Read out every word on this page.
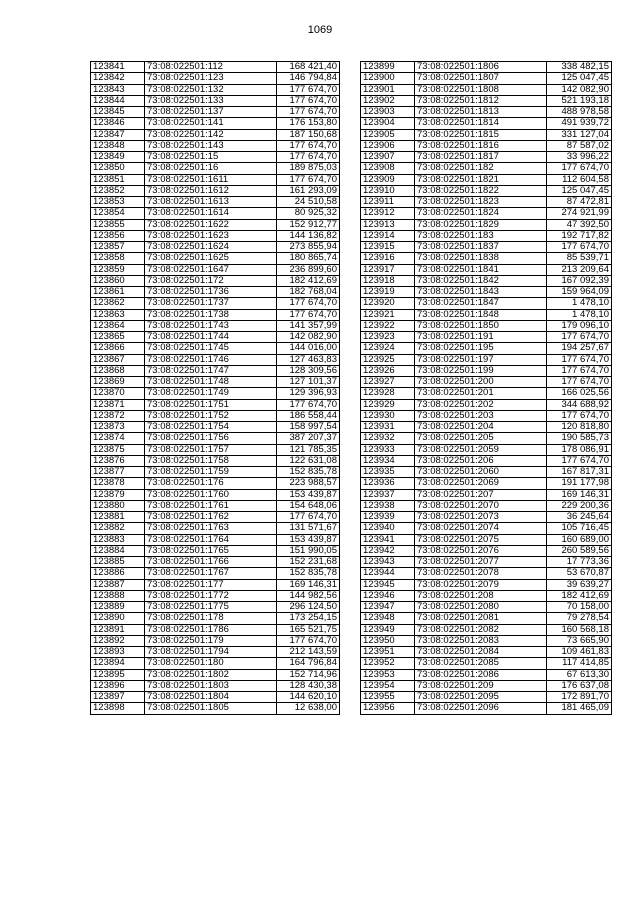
1069
123841	73:08:022501:112	168 421,40
123842	73:08:022501:123	146 794,84
123843	73:08:022501:132	177 674,70
123844	73:08:022501:133	177 674,70
123845	73:08:022501:137	177 674,70
123846	73:08:022501:141	176 153,80
123847	73:08:022501:142	187 150,68
123848	73:08:022501:143	177 674,70
123849	73:08:022501:15	177 674,70
123850	73:08:022501:16	189 875,03
123851	73:08:022501:1611	177 674,70
123852	73:08:022501:1612	161 293,09
123853	73:08:022501:1613	24 510,58
123854	73:08:022501:1614	80 925,32
123855	73:08:022501:1622	152 912,77
123856	73:08:022501:1623	144 136,82
123857	73:08:022501:1624	273 855,94
123858	73:08:022501:1625	180 865,74
123859	73:08:022501:1647	236 899,60
123860	73:08:022501:172	182 412,69
123861	73:08:022501:1736	182 768,04
123862	73:08:022501:1737	177 674,70
123863	73:08:022501:1738	177 674,70
123864	73:08:022501:1743	141 357,99
123865	73:08:022501:1744	142 082,90
123866	73:08:022501:1745	144 016,00
123867	73:08:022501:1746	127 463,83
123868	73:08:022501:1747	128 309,56
123869	73:08:022501:1748	127 101,37
123870	73:08:022501:1749	129 396,93
123871	73:08:022501:1751	177 674,70
123872	73:08:022501:1752	186 558,44
123873	73:08:022501:1754	158 997,54
123874	73:08:022501:1756	387 207,37
123875	73:08:022501:1757	121 785,35
123876	73:08:022501:1758	122 631,08
123877	73:08:022501:1759	152 835,78
123878	73:08:022501:176	223 988,57
123879	73:08:022501:1760	153 439,87
123880	73:08:022501:1761	154 648,06
123881	73:08:022501:1762	177 674,70
123882	73:08:022501:1763	131 571,67
123883	73:08:022501:1764	153 439,87
123884	73:08:022501:1765	151 990,05
123885	73:08:022501:1766	152 231,68
123886	73:08:022501:1767	152 835,78
123887	73:08:022501:177	169 146,31
123888	73:08:022501:1772	144 982,56
123889	73:08:022501:1775	296 124,50
123890	73:08:022501:178	173 254,15
123891	73:08:022501:1786	165 521,75
123892	73:08:022501:179	177 674,70
123893	73:08:022501:1794	212 143,59
123894	73:08:022501:180	164 796,84
123895	73:08:022501:1802	152 714,96
123896	73:08:022501:1803	128 430,38
123897	73:08:022501:1804	144 620,10
123898	73:08:022501:1805	12 638,00
123899	73:08:022501:1806	338 482,15
123900	73:08:022501:1807	125 047,45
123901	73:08:022501:1808	142 082,90
123902	73:08:022501:1812	521 193,18
123903	73:08:022501:1813	488 978,58
123904	73:08:022501:1814	491 939,72
123905	73:08:022501:1815	331 127,04
123906	73:08:022501:1816	87 587,02
123907	73:08:022501:1817	33 996,22
123908	73:08:022501:182	177 674,70
123909	73:08:022501:1821	112 604,58
123910	73:08:022501:1822	125 047,45
123911	73:08:022501:1823	87 472,81
123912	73:08:022501:1824	274 921,99
123913	73:08:022501:1829	47 392,50
123914	73:08:022501:183	192 717,82
123915	73:08:022501:1837	177 674,70
123916	73:08:022501:1838	85 539,71
123917	73:08:022501:1841	213 209,64
123918	73:08:022501:1842	167 092,39
123919	73:08:022501:1843	159 964,09
123920	73:08:022501:1847	1 478,10
123921	73:08:022501:1848	1 478,10
123922	73:08:022501:1850	179 096,10
123923	73:08:022501:191	177 674,70
123924	73:08:022501:195	194 257,67
123925	73:08:022501:197	177 674,70
123926	73:08:022501:199	177 674,70
123927	73:08:022501:200	177 674,70
123928	73:08:022501:201	166 025,56
123929	73:08:022501:202	344 688,92
123930	73:08:022501:203	177 674,70
123931	73:08:022501:204	120 818,80
123932	73:08:022501:205	190 585,73
123933	73:08:022501:2059	178 086,91
123934	73:08:022501:206	177 674,70
123935	73:08:022501:2060	167 817,31
123936	73:08:022501:2069	191 177,98
123937	73:08:022501:207	169 146,31
123938	73:08:022501:2070	229 200,36
123939	73:08:022501:2073	36 245,64
123940	73:08:022501:2074	105 716,45
123941	73:08:022501:2075	160 689,00
123942	73:08:022501:2076	260 589,56
123943	73:08:022501:2077	17 773,36
123944	73:08:022501:2078	53 670,87
123945	73:08:022501:2079	39 639,27
123946	73:08:022501:208	182 412,69
123947	73:08:022501:2080	70 158,00
123948	73:08:022501:2081	79 278,54
123949	73:08:022501:2082	160 568,18
123950	73:08:022501:2083	73 665,90
123951	73:08:022501:2084	109 461,83
123952	73:08:022501:2085	117 414,85
123953	73:08:022501:2086	67 613,30
123954	73:08:022501:209	176 637,08
123955	73:08:022501:2095	172 891,70
123956	73:08:022501:2096	181 465,09
